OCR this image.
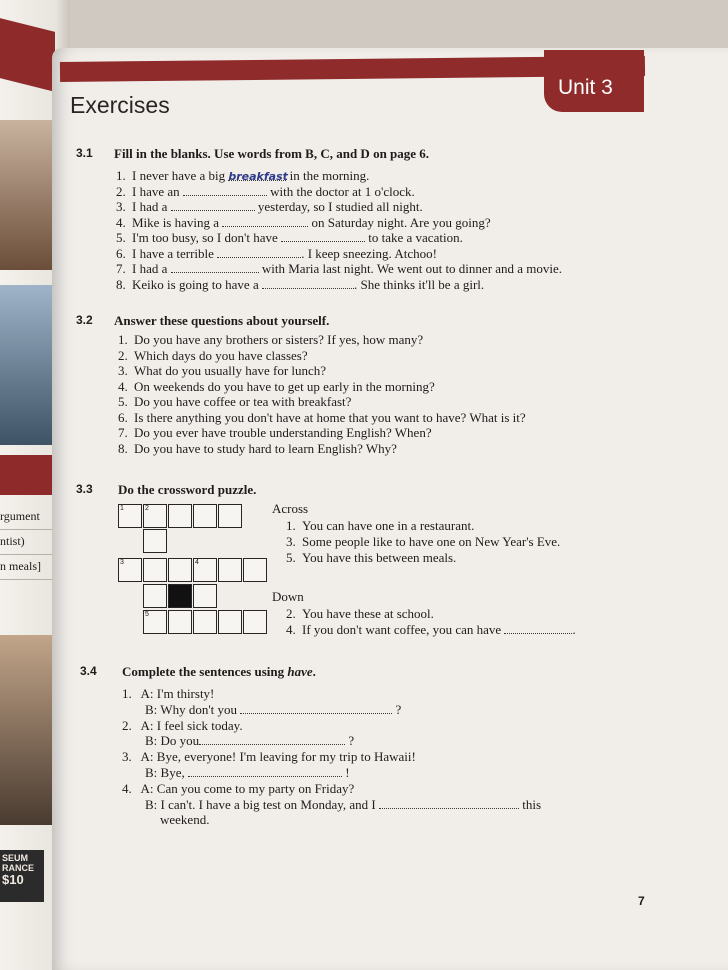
rgument
ntist)
n meals]
SEUM
RANCE
$10
Unit 3
Exercises
3.1 Fill in the blanks. Use words from B, C, and D on page 6.
1. I never have a big breakfast in the morning.
2. I have an	with the doctor at 1 o'clock.
3. I had a	yesterday, so I studied all night.
4. Mike is having a	on Saturday night. Are you going?
5. I'm too busy, so I don't have	to take a vacation.
6. I have a terrible	. I keep sneezing. Atchoo!
7. I had a	with Maria last night. We went out to dinner and a movie.
8. Keiko is going to have a	. She thinks it'll be a girl.
3.2 Answer these questions about yourself.
1. Do you have any brothers or sisters? If yes, how many?
2. Which days do you have classes?
3. What do you usually have for lunch?
4. On weekends do you have to get up early in the morning?
5. Do you have coffee or tea with breakfast?
6. Is there anything you don't have at home that you want to have? What is it?
7. Do you ever have trouble understanding English? When?
8. Do you have to study hard to learn English? Why?
3.3 Do the crossword puzzle.
1	2
3	4
5
Across
1. You can have one in a restaurant.
3. Some people like to have one on New Year's Eve.
5. You have this between meals.
Down
2. You have these at school.
4. If you don't want coffee, you can have	.
3.4 Complete the sentences using have.
1. A: I'm thirsty!
B: Why don't you	?
2. A: I feel sick today.
B: Do you	?
3. A: Bye, everyone! I'm leaving for my trip to Hawaii!
B: Bye,	!
4. A: Can you come to my party on Friday?
B: I can't. I have a big test on Monday, and I	this
weekend.
7
